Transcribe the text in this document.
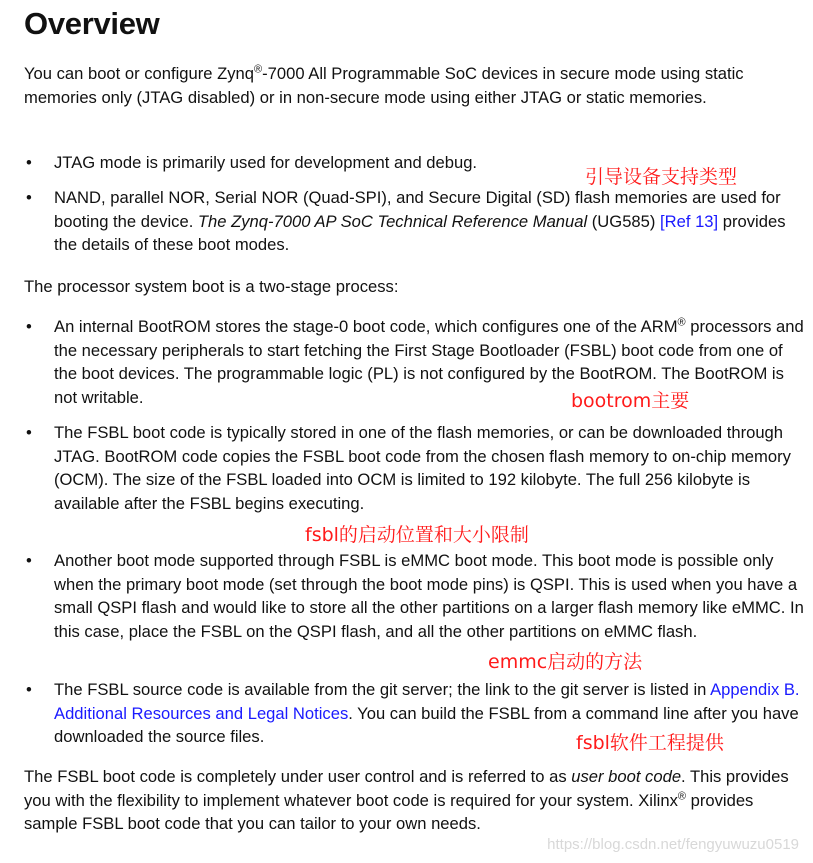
Overview

You can boot or configure Zynq®-7000 All Programmable SoC devices in secure mode using static memories only (JTAG disabled) or in non-secure mode using either JTAG or static memories.

• JTAG mode is primarily used for development and debug.

• NAND, parallel NOR, Serial NOR (Quad-SPI), and Secure Digital (SD) flash memories are used for booting the device. The Zynq-7000 AP SoC Technical Reference Manual (UG585) [Ref 13] provides the details of these boot modes.

The processor system boot is a two-stage process:

• An internal BootROM stores the stage-0 boot code, which configures one of the ARM® processors and the necessary peripherals to start fetching the First Stage Bootloader (FSBL) boot code from one of the boot devices. The programmable logic (PL) is not configured by the BootROM. The BootROM is not writable.

• The FSBL boot code is typically stored in one of the flash memories, or can be downloaded through JTAG. BootROM code copies the FSBL boot code from the chosen flash memory to on-chip memory (OCM). The size of the FSBL loaded into OCM is limited to 192 kilobyte. The full 256 kilobyte is available after the FSBL begins executing.

• Another boot mode supported through FSBL is eMMC boot mode. This boot mode is possible only when the primary boot mode (set through the boot mode pins) is QSPI. This is used when you have a small QSPI flash and would like to store all the other partitions on a larger flash memory like eMMC. In this case, place the FSBL on the QSPI flash, and all the other partitions on eMMC flash.

• The FSBL source code is available from the git server; the link to the git server is listed in Appendix B. Additional Resources and Legal Notices. You can build the FSBL from a command line after you have downloaded the source files.

The FSBL boot code is completely under user control and is referred to as user boot code. This provides you with the flexibility to implement whatever boot code is required for your system. Xilinx® provides sample FSBL boot code that you can tailor to your own needs.

引导设备支持类型
bootrom主要
fsbl的启动位置和大小限制
emmc启动的方法
fsbl软件工程提供
https://blog.csdn.net/fengyuwuzu0519
